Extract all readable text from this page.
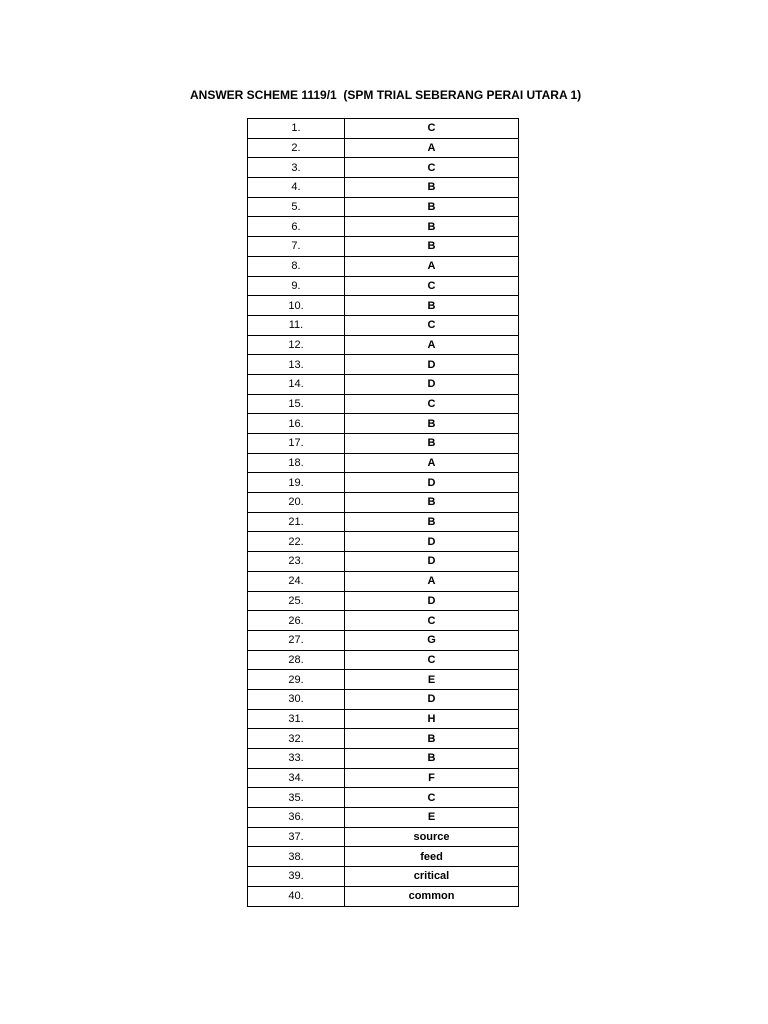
ANSWER SCHEME 1119/1  (SPM TRIAL SEBERANG PERAI UTARA 1)
1.	C
2.	A
3.	C
4.	B
5.	B
6.	B
7.	B
8.	A
9.	C
10.	B
11.	C
12.	A
13.	D
14.	D
15.	C
16.	B
17.	B
18.	A
19.	D
20.	B
21.	B
22.	D
23.	D
24.	A
25.	D
26.	C
27.	G
28.	C
29.	E
30.	D
31.	H
32.	B
33.	B
34.	F
35.	C
36.	E
37.	source
38.	feed
39.	critical
40.	common
